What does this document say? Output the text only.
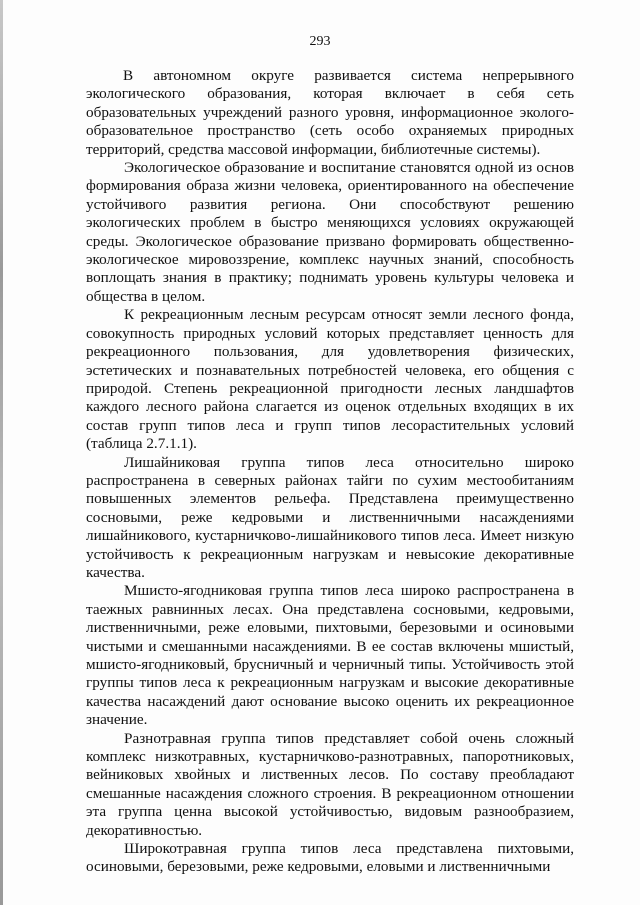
293

В автономном округе развивается система непрерывного экологического образования, которая включает в себя сеть образовательных учреждений разного уровня, информационное эколого-образовательное пространство (сеть особо охраняемых природных территорий, средства массовой информации, библиотечные системы).

Экологическое образование и воспитание становятся одной из основ формирования образа жизни человека, ориентированного на обеспечение устойчивого развития региона. Они способствуют решению экологических проблем в быстро меняющихся условиях окружающей среды. Экологическое образование призвано формировать общественно-экологическое мировоззрение, комплекс научных знаний, способность воплощать знания в практику; поднимать уровень культуры человека и общества в целом.

К рекреационным лесным ресурсам относят земли лесного фонда, совокупность природных условий которых представляет ценность для рекреационного пользования, для удовлетворения физических, эстетических и познавательных потребностей человека, его общения с природой. Степень рекреационной пригодности лесных ландшафтов каждого лесного района слагается из оценок отдельных входящих в их состав групп типов леса и групп типов лесорастительных условий (таблица 2.7.1.1).

Лишайниковая группа типов леса относительно широко распространена в северных районах тайги по сухим местообитаниям повышенных элементов рельефа. Представлена преимущественно сосновыми, реже кедровыми и лиственничными насаждениями лишайникового, кустарничково-лишайникового типов леса. Имеет низкую устойчивость к рекреационным нагрузкам и невысокие декоративные качества.

Мшисто-ягодниковая группа типов леса широко распространена в таежных равнинных лесах. Она представлена сосновыми, кедровыми, лиственничными, реже еловыми, пихтовыми, березовыми и осиновыми чистыми и смешанными насаждениями. В ее состав включены мшистый, мшисто-ягодниковый, брусничный и черничный типы. Устойчивость этой группы типов леса к рекреационным нагрузкам и высокие декоративные качества насаждений дают основание высоко оценить их рекреационное значение.

Разнотравная группа типов представляет собой очень сложный комплекс низкотравных, кустарничково-разнотравных, папоротниковых, вейниковых хвойных и лиственных лесов. По составу преобладают смешанные насаждения сложного строения. В рекреационном отношении эта группа ценна высокой устойчивостью, видовым разнообразием, декоративностью.

Широкотравная группа типов леса представлена пихтовыми, осиновыми, березовыми, реже кедровыми, еловыми и лиственничными
